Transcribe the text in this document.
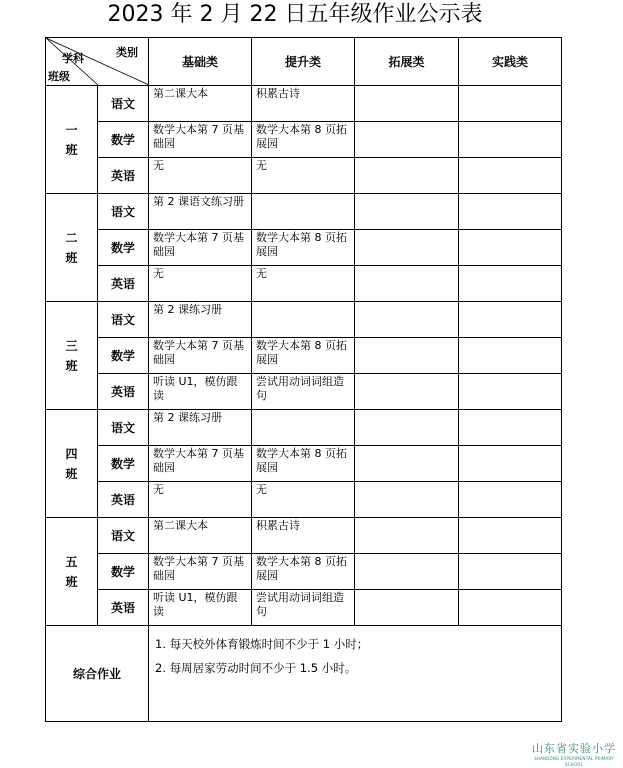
2023 年 2 月 22 日五年级作业公示表
类别
学科
班级		基础类	提升类	拓展类	实践类

一
班	语文	第二课大本	积累古诗		
	数学	数学大本第 7 页基础园	数学大本第 8 页拓展园		
	英语	无	无		

二
班	语文	第 2 课语文练习册			
	数学	数学大本第 7 页基础园	数学大本第 8 页拓展园		
	英语	无	无		

三
班	语文	第 2 课练习册			
	数学	数学大本第 7 页基础园	数学大本第 8 页拓展园		
	英语	听读 U1，模仿跟读	尝试用动词词组造句		

四
班	语文	第 2 课练习册			
	数学	数学大本第 7 页基础园	数学大本第 8 页拓展园		
	英语	无	无		

五
班	语文	第二课大本	积累古诗		
	数学	数学大本第 7 页基础园	数学大本第 8 页拓展园		
	英语	听读 U1，模仿跟读	尝试用动词词组造句		
综合作业		1. 每天校外体育锻炼时间不少于 1 小时；
2. 每周居家劳动时间不少于 1.5 小时。			
山东省实验小学
SHANDONG EXPERIMENTAL PRIMARY SCHOOL
